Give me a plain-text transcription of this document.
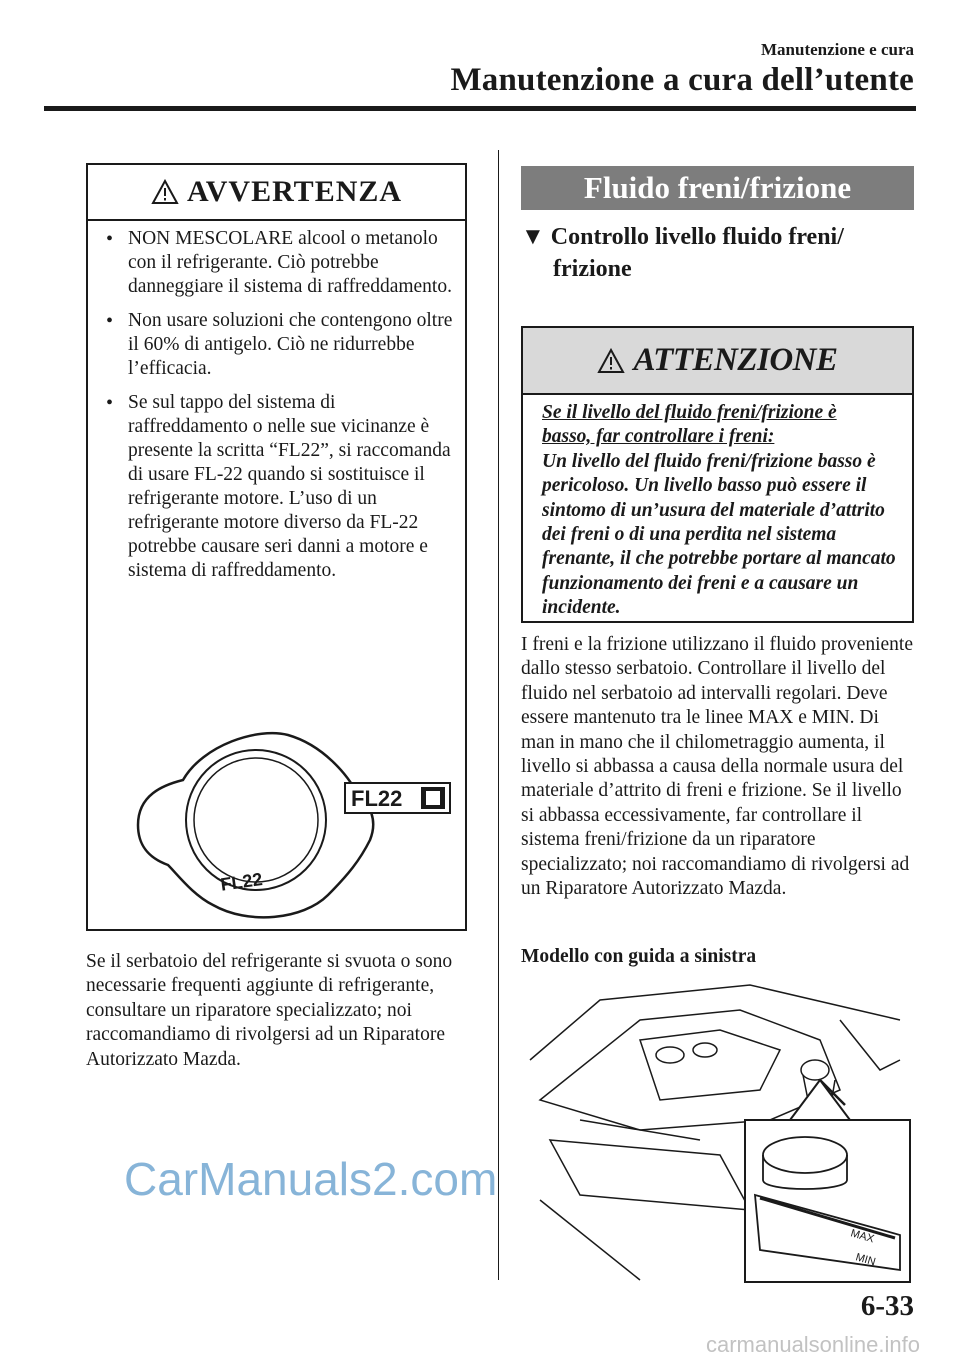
Manutenzione e cura
Manutenzione a cura dell’utente
AVVERTENZA
• NON MESCOLARE alcool o metanolo con il refrigerante. Ciò potrebbe danneggiare il sistema di raffreddamento.
• Non usare soluzioni che contengono oltre il 60% di antigelo. Ciò ne ridurrebbe l’efficacia.
• Se sul tappo del sistema di raffreddamento o nelle sue vicinanze è presente la scritta “FL22”, si raccomanda di usare FL-22 quando si sostituisce il refrigerante motore. L’uso di un refrigerante motore diverso da FL-22 potrebbe causare seri danni a motore e sistema di raffreddamento.
FL22
FL22
Se il serbatoio del refrigerante si svuota o sono necessarie frequenti aggiunte di refrigerante, consultare un riparatore specializzato; noi raccomandiamo di rivolgersi ad un Riparatore Autorizzato Mazda.
Fluido freni/frizione
▼ Controllo livello fluido freni/
frizione
ATTENZIONE
Se il livello del fluido freni/frizione è
basso, far controllare i freni:
Un livello del fluido freni/frizione basso è pericoloso. Un livello basso può essere il sintomo di un’usura del materiale d’attrito dei freni o di una perdita nel sistema frenante, il che potrebbe portare al mancato funzionamento dei freni e a causare un incidente.
I freni e la frizione utilizzano il fluido proveniente dallo stesso serbatoio. Controllare il livello del fluido nel serbatoio ad intervalli regolari. Deve essere mantenuto tra le linee MAX e MIN. Di man in mano che il chilometraggio aumenta, il livello si abbassa a causa della normale usura del materiale d’attrito di freni e frizione. Se il livello si abbassa eccessivamente, far controllare il sistema freni/frizione da un riparatore specializzato; noi raccomandiamo di rivolgersi ad un Riparatore Autorizzato Mazda.
Modello con guida a sinistra
MAX
MIN
CarManuals2.com
6-33
carmanualsonline.info
